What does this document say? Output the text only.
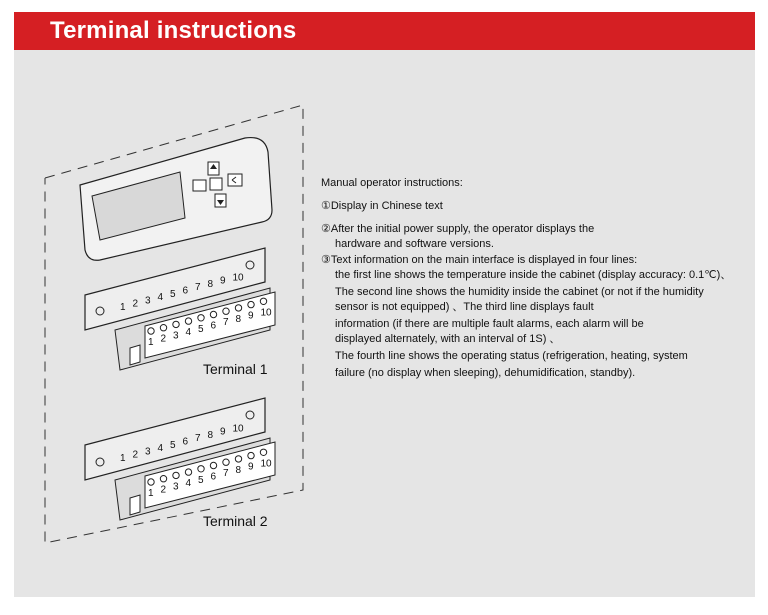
Terminal instructions
1
1
2
2
3
3
4
4
5
5
6
6
7
7
8
8
9
9
10
10
1
1
2
2
3
3
4
4
5
5
6
6
7
7
8
8
9
9
10
10
Terminal 1
Terminal 2
Manual operator instructions:
①Display in Chinese text
②After the initial power supply, the operator displays the
hardware and software versions.
③Text information on the main interface is displayed in four lines:
the first line shows the temperature inside the cabinet (display accuracy: 0.1℃)、
The second line shows the humidity inside the cabinet (or not if the humidity
sensor is not equipped) 、The third line displays fault
information (if there are multiple fault alarms, each alarm will be
displayed alternately, with an interval of 1S) 、
The fourth line shows the operating status (refrigeration, heating, system
failure (no display when sleeping), dehumidification, standby).
